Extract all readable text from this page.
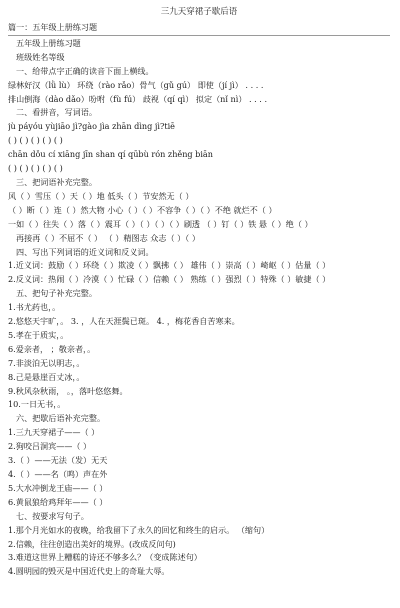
三九天穿裙子歇后语
篇一：五年级上册练习题
五年级上册练习题
班级姓名等级
一、给带点字正确的读音下面上横线。
绿林好汉（lǜ lù） 环绕（rào rǎo）骨气（gǔ gú） 即使（jí jì） . . . .
排山倒海（dào dǎo）吩咐（fù fú） 歧视（qí qì） 拟定（nǐ nì） . . . .
二、看拼音，写词语。
jù páyóu yùjiāo jì?gào jìa zhān dìng jì?tiē
( ) ( ) ( ) ( ) ( )
chān dǒu cí xiāng jīn shan qí qūbù rón zhěng biān
( ) ( ) ( ) ( ) ( )
三、把词语补充完整。
风（ ）雪压（ ）天（ ）地 低头（ ）节安然无（ ）
（ ）断（ ）连（ ）然大物 小心（ ）（ ）不容争（ ）（ ）不绝 就烂不（ ）
一如（ ）往失（ ）落（ ）震耳（ ）（ ）（ ）（ ）刷透 （ ）钉（ ）铁 悬（ ）绝（ ）
再接再（ ）不屈不（ ） （ ）精图志 众志（ ）（ ）
四、写出下列词语的近义词和反义词。
1.近义词：鼓励（ ）环绕（ ）欺凌（ ）飘拂（ ） 雄伟（ ）崇高（ ）崎岖（ ）估量（ ）
2.反义词：热闹（ ）冷漠（ ）忙碌（ ）信赖（ ） 熟练（ ）强烈（ ）特殊（ ）敏捷（ ）
五、把句子补充完整。
1.书尤药也，。
2.悠悠天宇旷，。 3. ，人在天涯鬓已斑。 4. ，梅花香自苦寒来。
5.孝在于质实，。
6.爱亲者， ；敬亲者，。
7.非淡泊无以明志，。
8.己是悬崖百丈冰，。
9.秋风杂秋雨， 。，落叶悠悠舞。
10.一日无书，。
六、把歇后语补充完整。
1.三九天穿裙子——（ ）
2.狗咬吕洞宾——（ ）
3.（ ）——无法（发）无天
4.（ ）——名（鸣）声在外
5.大水冲倒龙王庙——（ ）
6.黄鼠狼给鸡拜年——（ ）
七、按要求写句子。
1.那个月光如水的夜晚，给我留下了永久的回忆和终生的启示。 （缩句）
2.信赖，往往创造出美好的境界。(改成反问句)
3.难道这世界上糟糕的诗还不够多么？（变成陈述句）
4.圆明园的毁灭是中国近代史上的奇耻大辱。
